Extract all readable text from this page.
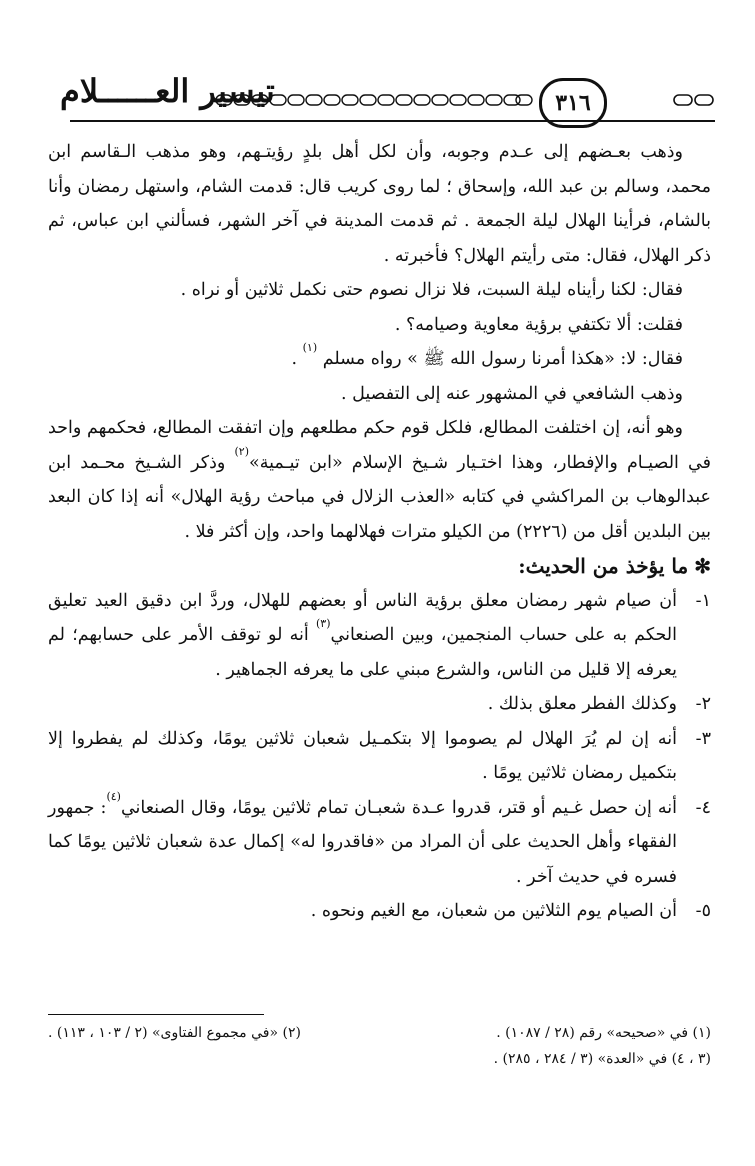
٣١٦
تيسير العــــــلام

وذهب بعـضهم إلى عـدم وجوبه، وأن لكل أهل بلدٍ رؤيتـهم، وهو مذهب الـقاسم ابن محمد، وسالم بن عبد الله، وإسحاق ؛ لما روى كريب قال: قدمت الشام، واستهل رمضان وأنا بالشام، فرأينا الهلال ليلة الجمعة . ثم قدمت المدينة في آخر الشهر، فسألني ابن عباس، ثم ذكر الهلال، فقال: متى رأيتم الهلال؟ فأخبرته .

فقال: لكنا رأيناه ليلة السبت، فلا نزال نصوم حتى نكمل ثلاثين أو نراه .

فقلت: ألا تكتفي برؤية معاوية وصيامه؟ .

فقال: لا: «هكذا أمرنا رسول الله ﷺ » رواه مسلم $^{(١)}$ .

وذهب الشافعي في المشهور عنه إلى التفصيل .

وهو أنه، إن اختلفت المطالع، فلكل قوم حكم مطلعهم وإن اتفقت المطالع، فحكمهم واحد في الصيـام والإفطار، وهذا اختـيار شـيخ الإسلام «ابن تيـمية»$^{(٢)}$ وذكر الشـيخ محـمد ابن عبدالوهاب بن المراكشي في كتابه «العذب الزلال في مباحث رؤية الهلال» أنه إذا كان البعد بين البلدين أقل من (٢٢٢٦) من الكيلو مترات فهلالهما واحد، وإن أكثر فلا .

✻ما يؤخذ من الحديث:

١-
أن صيام شهر رمضان معلق برؤية الناس أو بعضهم للهلال، وردَّ ابن دقيق العيد تعليق الحكم به على حساب المنجمين، وبين الصنعاني$^{(٣)}$ أنه لو توقف الأمر على حسابهم؛ لم يعرفه إلا قليل من الناس، والشرع مبني على ما يعرفه الجماهير .
٢-
وكذلك الفطر معلق بذلك .
٣-
أنه إن لم يُرَ الهلال لم يصوموا إلا بتكمـيل شعبان ثلاثين يومًا، وكذلك لم يفطروا إلا بتكميل رمضان ثلاثين يومًا .
٤-
أنه إن حصل غـيم أو قتر، قدروا عـدة شعبـان تمام ثلاثين يومًا، وقال الصنعاني$^{(٤)}$: جمهور الفقهاء وأهل الحديث على أن المراد من «فاقدروا له» إكمال عدة شعبان ثلاثين يومًا كما فسره في حديث آخر .
٥-
أن الصيام يوم الثلاثين من شعبان، مع الغيم ونحوه .
(١) في «صحيحه» رقم (٢٨ / ١٠٨٧) .
(٢) «في مجموع الفتاوى» (٢ / ١٠٣ ، ١١٣) .
(٣ ، ٤) في «العدة» (٣ / ٢٨٤ ، ٢٨٥) .
